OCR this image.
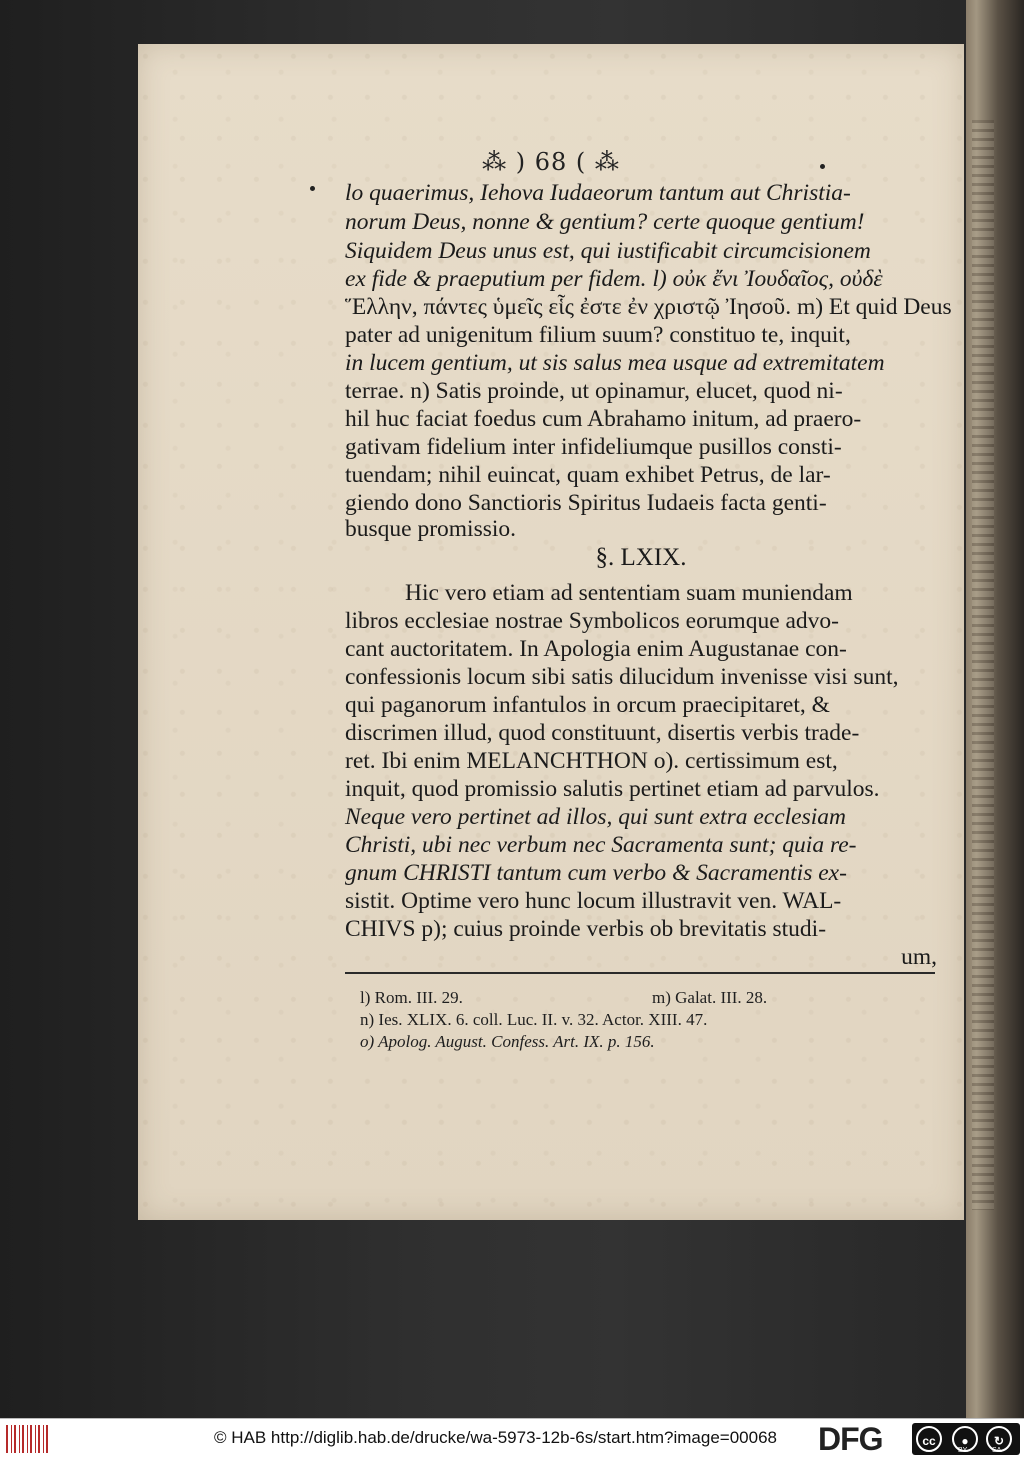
⁂ ) 68 ( ⁂
lo quaerimus, Iehova Iudaeorum tantum aut Christia-
norum Deus, nonne & gentium? certe quoque gentium!
Siquidem Deus unus est, qui iustificabit circumcisionem
ex fide & praeputium per fidem. l) οὐκ ἔνι Ἰουδαῖος, οὐδὲ
Ἕλλην, πάντες ὑμεῖς εἷς ἐστε ἐν χριστῷ Ἰησοῦ. m) Et quid Deus
pater ad unigenitum filium suum? constituo te, inquit,
in lucem gentium, ut sis salus mea usque ad extremitatem
terrae. n) Satis proinde, ut opinamur, elucet, quod ni-
hil huc faciat foedus cum Abrahamo initum, ad praero-
gativam fidelium inter infideliumque pusillos consti-
tuendam; nihil euincat, quam exhibet Petrus, de lar-
giendo dono Sanctioris Spiritus Iudaeis facta genti-
busque promissio.
§. LXIX.
Hic vero etiam ad sententiam suam muniendam
libros ecclesiae nostrae Symbolicos eorumque advo-
cant auctoritatem. In Apologia enim Augustanae con-
confessionis locum sibi satis dilucidum invenisse visi sunt,
qui paganorum infantulos in orcum praecipitaret, &
discrimen illud, quod constituunt, disertis verbis trade-
ret. Ibi enim MELANCHTHON o). certissimum est,
inquit, quod promissio salutis pertinet etiam ad parvulos.
Neque vero pertinet ad illos, qui sunt extra ecclesiam
Christi, ubi nec verbum nec Sacramenta sunt; quia re-
gnum CHRISTI tantum cum verbo & Sacramentis ex-
sistit. Optime vero hunc locum illustravit ven. WAL-
CHIVS p); cuius proinde verbis ob brevitatis studi-
um,
l) Rom. III. 29.	m) Galat. III. 28.
n) Ies. XLIX. 6. coll. Luc. II. v. 32. Actor. XIII. 47.
o) Apolog. August. Confess. Art. IX. p. 156.
© HAB http://diglib.hab.de/drucke/wa-5973-12b-6s/start.htm?image=00068 DFG	cc	●	↻
BY	SA
